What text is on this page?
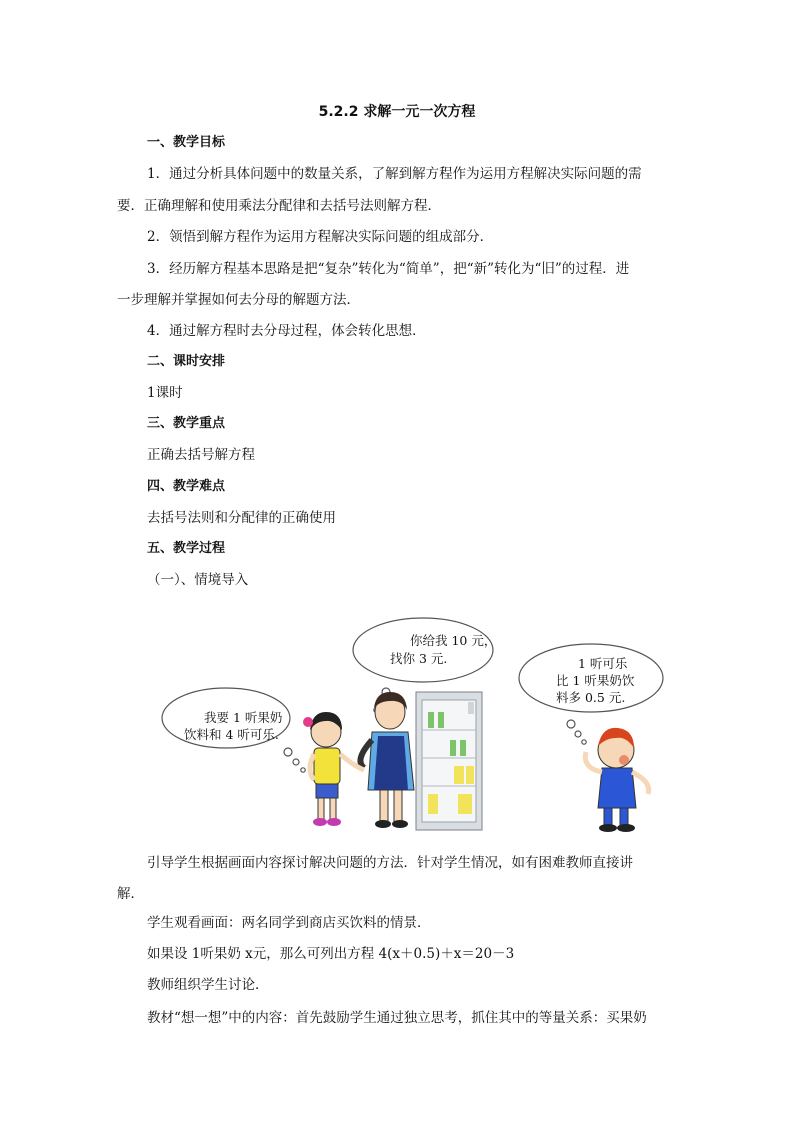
5.2.2 求解一元一次方程
一、教学目标
1．通过分析具体问题中的数量关系，了解到解方程作为运用方程解决实际问题的需
要．正确理解和使用乘法分配律和去括号法则解方程．
2．领悟到解方程作为运用方程解决实际问题的组成部分．
3．经历解方程基本思路是把“复杂”转化为“简单”，把“新”转化为“旧”的过程．进
一步理解并掌握如何去分母的解题方法．
4．通过解方程时去分母过程，体会转化思想．
二、课时安排
1课时
三、教学重点
正确去括号解方程
四、教学难点
去括号法则和分配律的正确使用
五、教学过程
（一）、情境导入
我要 1 听果奶
饮料和 4 听可乐.
你给我 10 元，
找你 3 元.	1 听可乐
比 1 听果奶饮
料多 0.5 元.
引导学生根据画面内容探讨解决问题的方法．针对学生情况，如有困难教师直接讲
解．
学生观看画面：两名同学到商店买饮料的情景．
如果设 1听果奶 x元，那么可列出方程 4(x＋0.5)＋x＝20－3
教师组织学生讨论．
教材“想一想”中的内容：首先鼓励学生通过独立思考，抓住其中的等量关系：买果奶
